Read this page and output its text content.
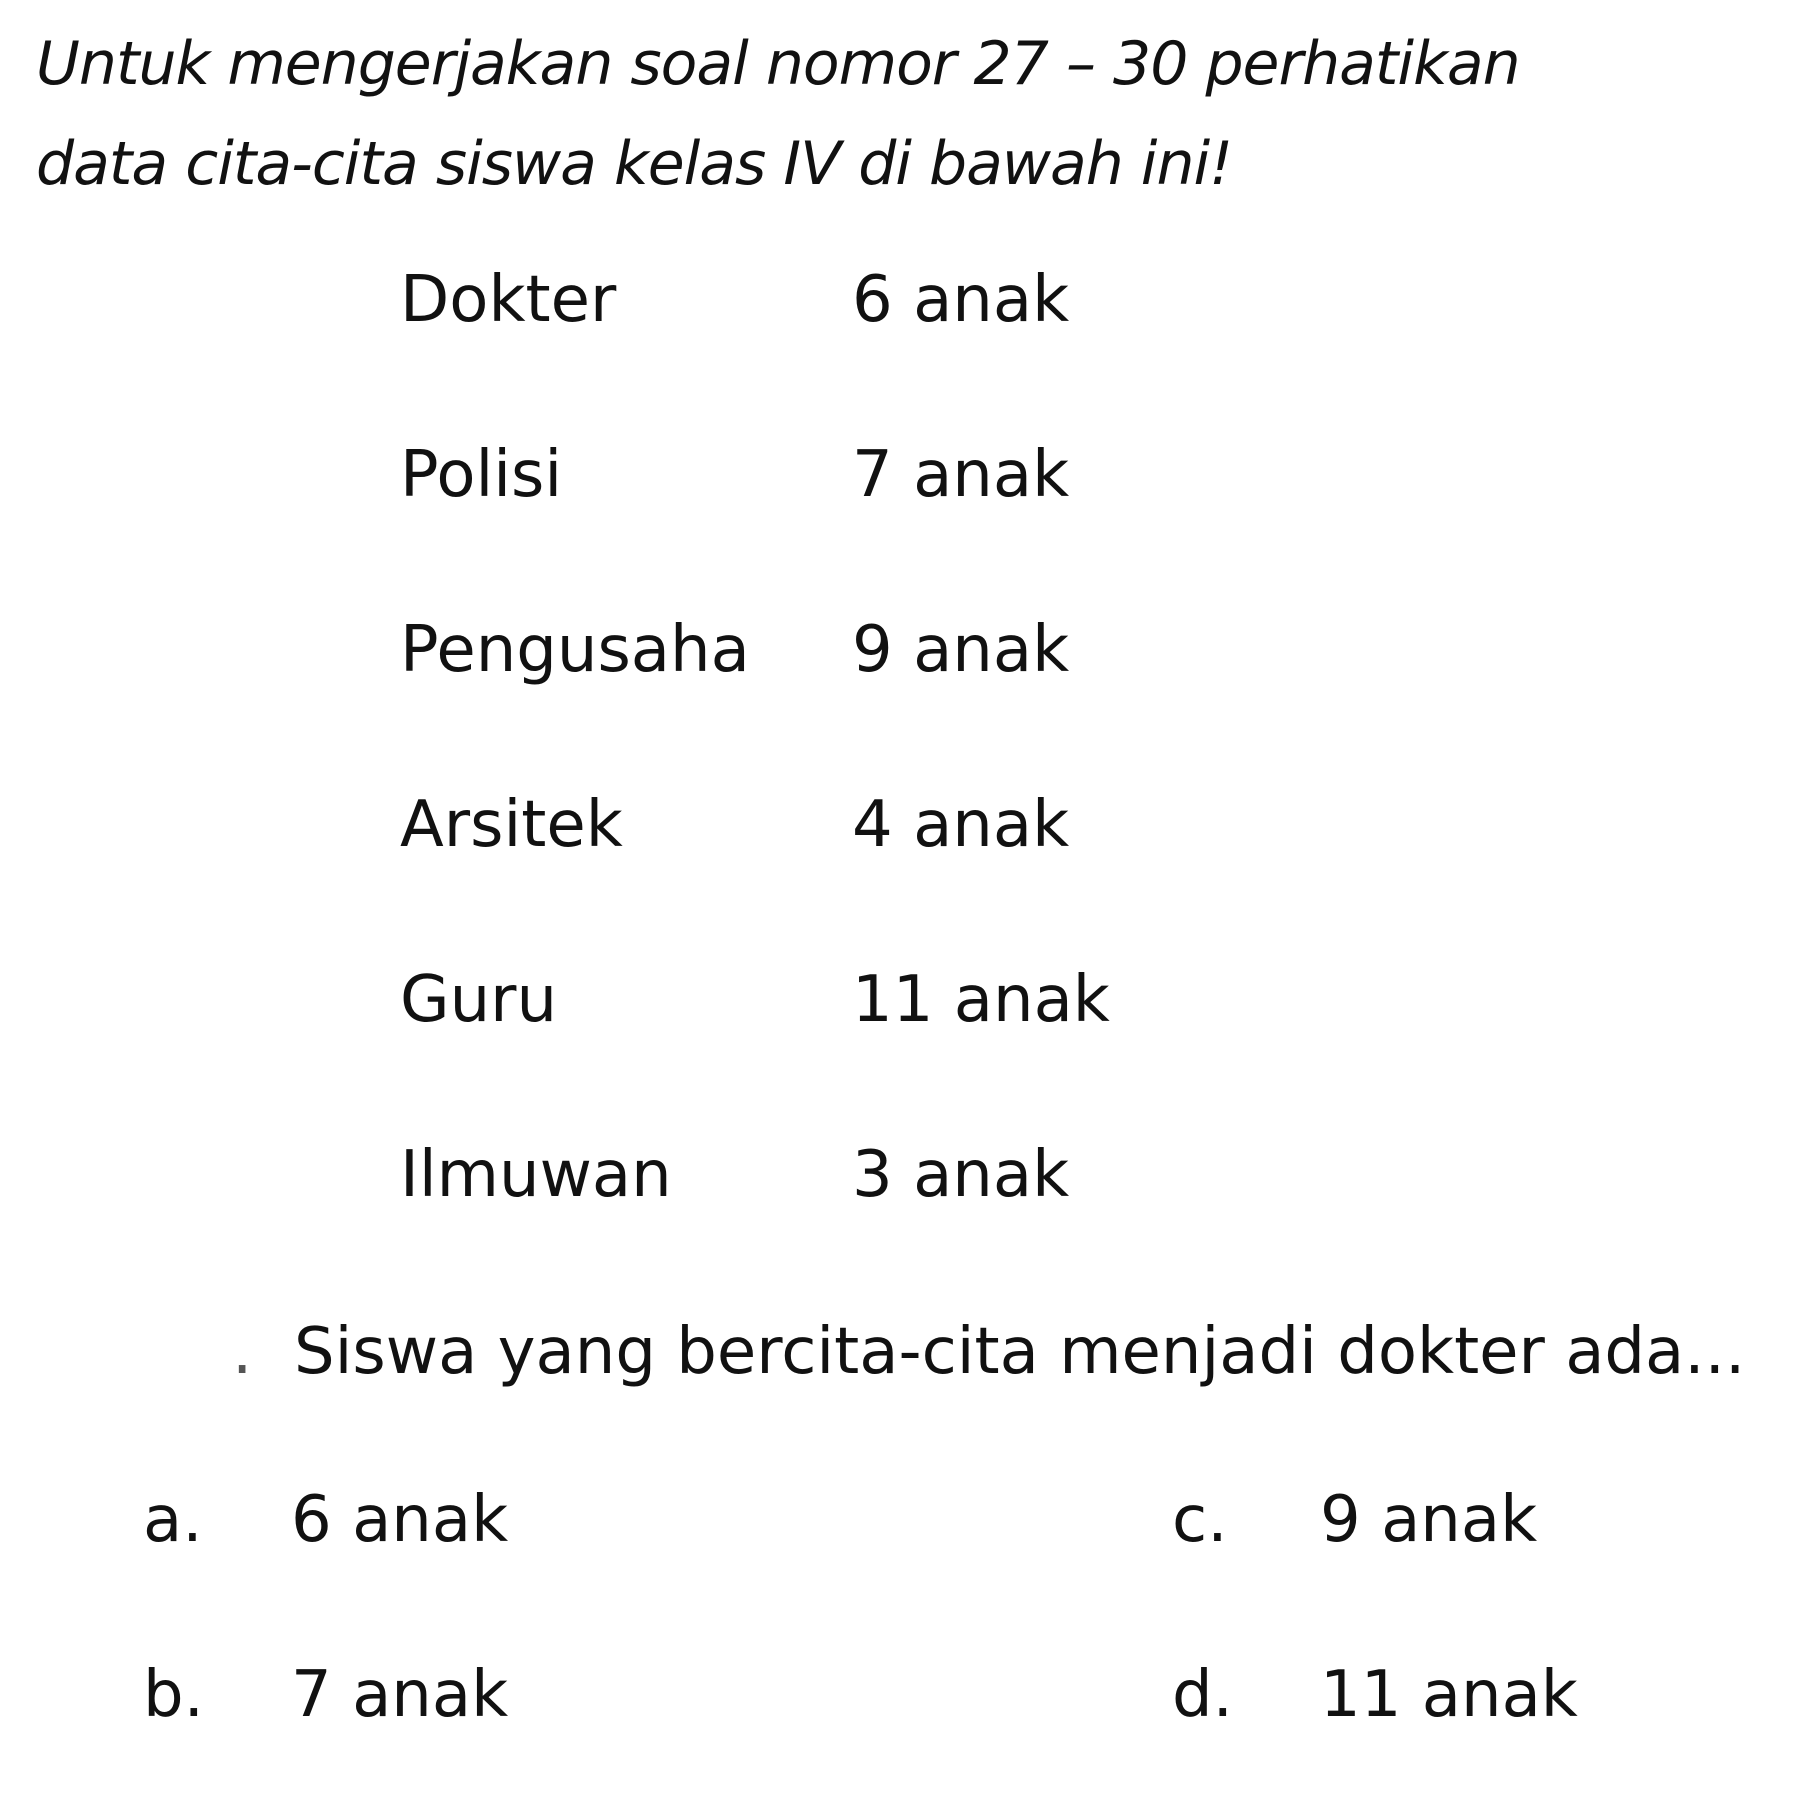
Untuk mengerjakan soal nomor 27 – 30 perhatikan
data cita-cita siswa kelas IV di bawah ini!

Dokter	6 anak
Polisi	7 anak
Pengusaha	9 anak
Arsitek	4 anak
Guru	11 anak
Ilmuwan	3 anak
. Siswa yang bercita-cita menjadi dokter ada...
a.	6 anak
b.	7 anak
c.	9 anak
d.	11 anak
